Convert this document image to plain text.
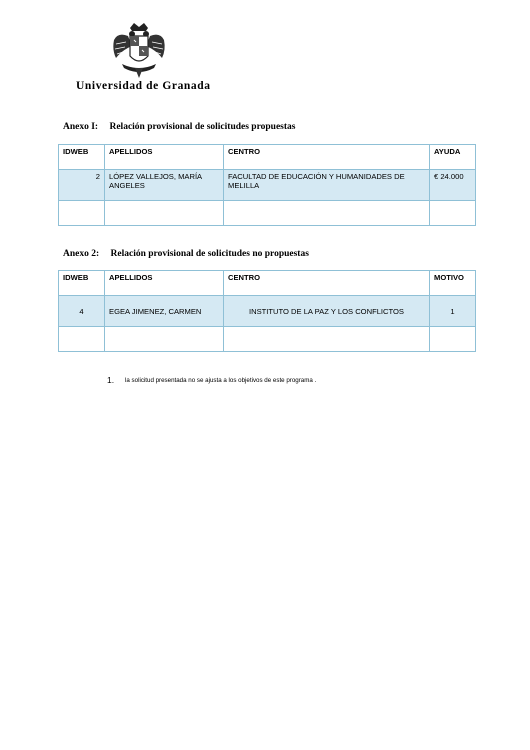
Universidad de Granada
Anexo I: Relación provisional de solicitudes propuestas
IDWEB	APELLIDOS	CENTRO	AYUDA
2	LÓPEZ VALLEJOS, MARÍA ANGELES	FACULTAD DE EDUCACIÓN Y HUMANIDADES DE MELILLA	€ 24.000

Anexo 2: Relación provisional de solicitudes no propuestas
IDWEB	APELLIDOS	CENTRO	MOTIVO
4	EGEA JIMENEZ, CARMEN	INSTITUTO DE LA PAZ Y LOS CONFLICTOS	1

1. la solicitud presentada no se ajusta a los objetivos de este programa .
